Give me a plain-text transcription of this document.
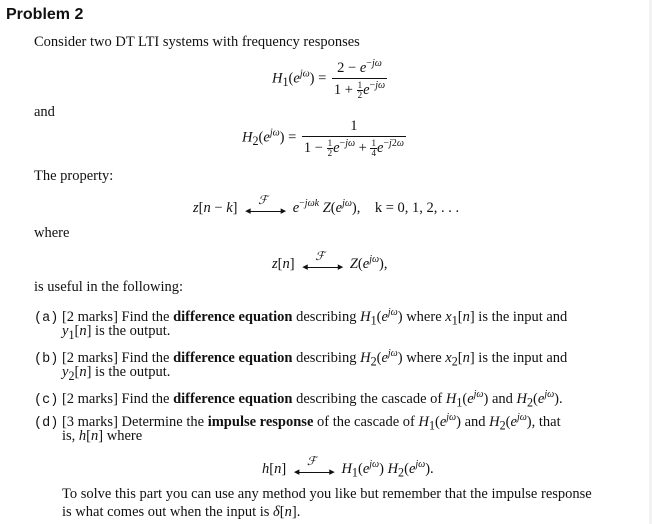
Problem 2
Consider two DT LTI systems with frequency responses
$H_1(e^{j\omega}) = \frac{2 - e^{-j\omega}}{1 + \frac{1}{2} e^{-j\omega}}$
and
$H_2(e^{j\omega}) = \frac{1}{1 - \frac{1}{2} e^{-j\omega} + \frac{1}{4} e^{-j2\omega}}$
The property:
z[n − k] ◂	▸
ℱ
$e^{-j\omega k}$ $Z(e^{j\omega})$,    k = 0, 1, 2, . . .
where
z[n] ◂	▸
ℱ
$Z(e^{j\omega})$,
is useful in the following:
(a) [2 marks] Find the difference equation describing $H_1(e^{j\omega})$ where $x_1[n]$ is the input and
$y_1[n]$ is the output.
(b) [2 marks] Find the difference equation describing $H_2(e^{j\omega})$ where $x_2[n]$ is the input and
$y_2[n]$ is the output.
(c) [2 marks] Find the difference equation describing the cascade of $H_1(e^{j\omega})$ and $H_2(e^{j\omega})$.
(d) [3 marks] Determine the impulse response of the cascade of $H_1(e^{j\omega})$ and $H_2(e^{j\omega})$, that
is, h[n] where
h[n] ◂	▸
ℱ
$H_1(e^{j\omega})$ $H_2(e^{j\omega})$.
To solve this part you can use any method you like but remember that the impulse response
is what comes out when the input is δ[n].
